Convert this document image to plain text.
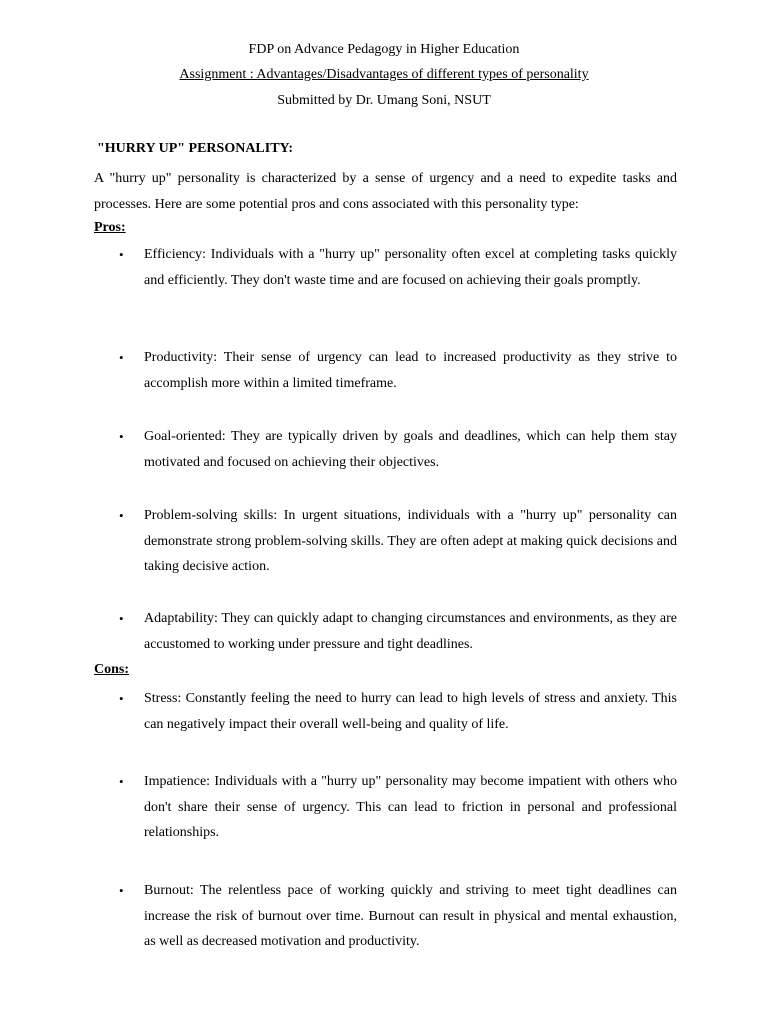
FDP on Advance Pedagogy in Higher Education
Assignment : Advantages/Disadvantages of different types of personality
Submitted by Dr. Umang Soni, NSUT
"HURRY UP" PERSONALITY:
A "hurry up" personality is characterized by a sense of urgency and a need to expedite tasks and processes. Here are some potential pros and cons associated with this personality type:
Pros:
•	Efficiency: Individuals with a "hurry up" personality often excel at completing tasks quickly and efficiently. They don't waste time and are focused on achieving their goals promptly.
•	Productivity: Their sense of urgency can lead to increased productivity as they strive to accomplish more within a limited timeframe.
•	Goal-oriented: They are typically driven by goals and deadlines, which can help them stay motivated and focused on achieving their objectives.
•	Problem-solving skills: In urgent situations, individuals with a "hurry up" personality can demonstrate strong problem-solving skills. They are often adept at making quick decisions and taking decisive action.
•	Adaptability: They can quickly adapt to changing circumstances and environments, as they are accustomed to working under pressure and tight deadlines.
Cons:
•	Stress: Constantly feeling the need to hurry can lead to high levels of stress and anxiety. This can negatively impact their overall well-being and quality of life.
•	Impatience: Individuals with a "hurry up" personality may become impatient with others who don't share their sense of urgency. This can lead to friction in personal and professional relationships.
•	Burnout: The relentless pace of working quickly and striving to meet tight deadlines can increase the risk of burnout over time. Burnout can result in physical and mental exhaustion, as well as decreased motivation and productivity.
